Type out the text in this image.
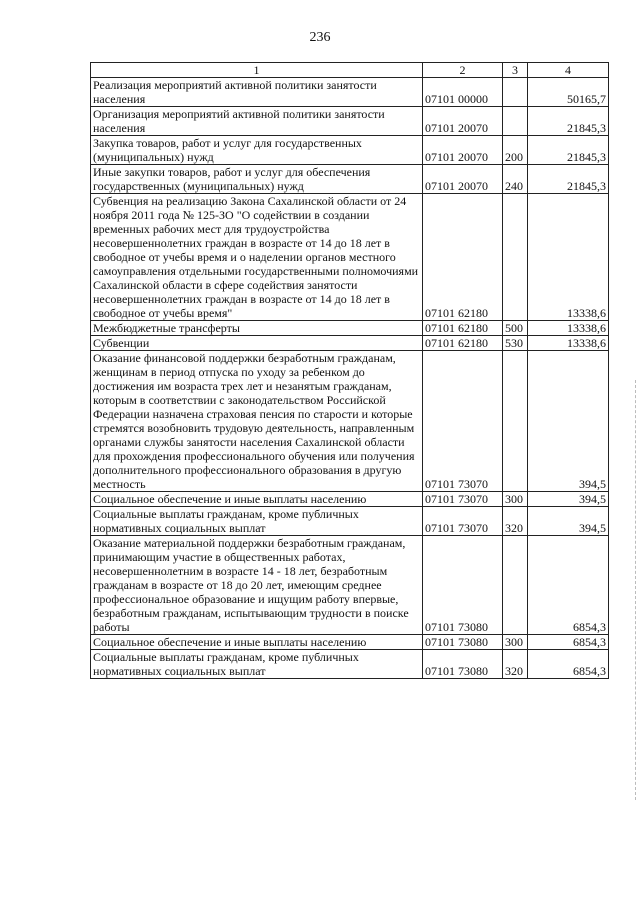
236
1	2	3	4
Реализация мероприятий активной политики занятости населения	07101 00000		50165,7
Организация мероприятий активной политики занятости населения	07101 20070		21845,3
Закупка товаров, работ и услуг для государственных (муниципальных) нужд	07101 20070	200	21845,3
Иные закупки товаров, работ и услуг для обеспечения государственных (муниципальных) нужд	07101 20070	240	21845,3
Субвенция на реализацию Закона Сахалинской области от 24 ноября 2011 года № 125-ЗО "О содействии в создании временных рабочих мест для трудоустройства несовершеннолетних граждан в возрасте от 14 до 18 лет в свободное от учебы время и о наделении органов местного самоуправления отдельными государственными полномочиями Сахалинской области в сфере содействия занятости несовершеннолетних граждан в возрасте от 14 до 18 лет в свободное от учебы время"	07101 62180		13338,6
Межбюджетные трансферты	07101 62180	500	13338,6
Субвенции	07101 62180	530	13338,6
Оказание финансовой поддержки безработным гражданам, женщинам в период отпуска по уходу за ребенком до достижения им возраста трех лет и незанятым гражданам, которым в соответствии с законодательством Российской Федерации назначена страховая пенсия по старости и которые стремятся возобновить трудовую деятельность, направленным органами службы занятости населения Сахалинской области для прохождения профессионального обучения или получения дополнительного профессионального образования в другую местность	07101 73070		394,5
Социальное обеспечение и иные выплаты населению	07101 73070	300	394,5
Социальные выплаты гражданам, кроме публичных нормативных социальных выплат	07101 73070	320	394,5
Оказание материальной поддержки безработным гражданам, принимающим участие в общественных работах, несовершеннолетним в возрасте 14 - 18 лет, безработным гражданам в возрасте от 18 до 20 лет, имеющим среднее профессиональное образование и ищущим работу впервые, безработным гражданам, испытывающим трудности в поиске работы	07101 73080		6854,3
Социальное обеспечение и иные выплаты населению	07101 73080	300	6854,3
Социальные выплаты гражданам, кроме публичных нормативных социальных выплат	07101 73080	320	6854,3
